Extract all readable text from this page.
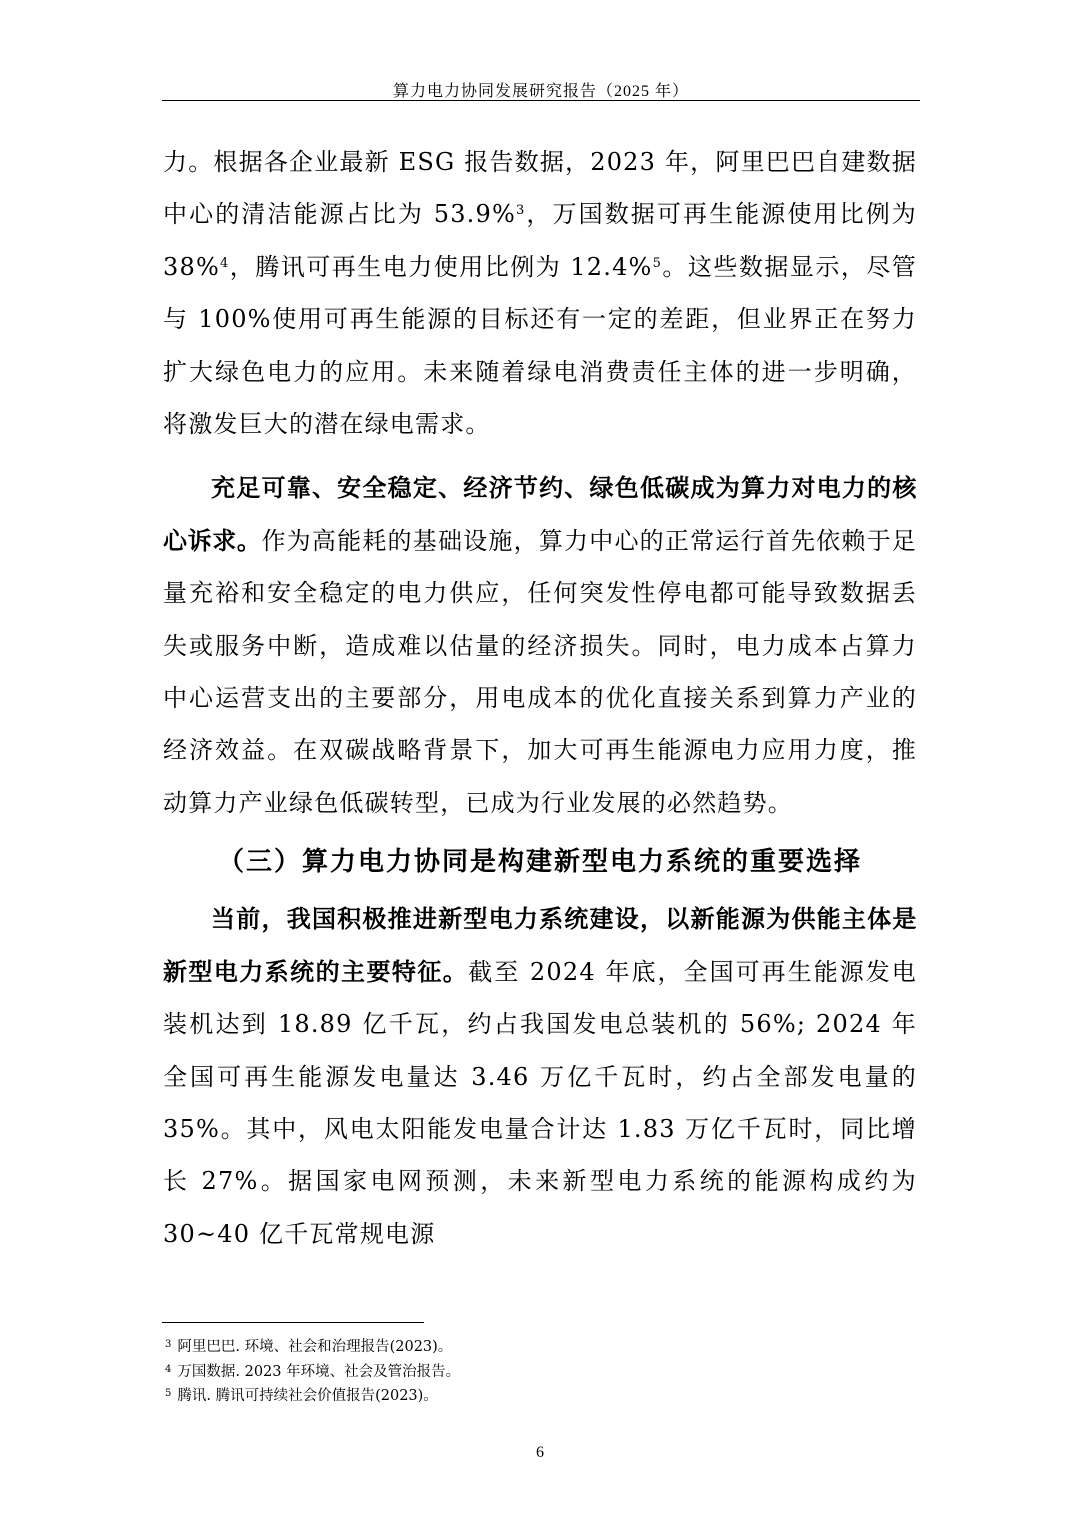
算力电力协同发展研究报告（2025 年）

力。根据各企业最新 ESG 报告数据，2023 年，阿里巴巴自建数据中心的清洁能源占比为 53.9%$^3$，万国数据可再生能源使用比例为 38%$^4$，腾讯可再生电力使用比例为 12.4%$^5$。这些数据显示，尽管与 100%使用可再生能源的目标还有一定的差距，但业界正在努力扩大绿色电力的应用。未来随着绿电消费责任主体的进一步明确，将激发巨大的潜在绿电需求。

充足可靠、安全稳定、经济节约、绿色低碳成为算力对电力的核心诉求。作为高能耗的基础设施，算力中心的正常运行首先依赖于足量充裕和安全稳定的电力供应，任何突发性停电都可能导致数据丢失或服务中断，造成难以估量的经济损失。同时，电力成本占算力中心运营支出的主要部分，用电成本的优化直接关系到算力产业的经济效益。在双碳战略背景下，加大可再生能源电力应用力度，推动算力产业绿色低碳转型，已成为行业发展的必然趋势。

（三）算力电力协同是构建新型电力系统的重要选择

当前，我国积极推进新型电力系统建设，以新能源为供能主体是新型电力系统的主要特征。截至 2024 年底，全国可再生能源发电装机达到 18.89 亿千瓦，约占我国发电总装机的 56%; 2024 年全国可再生能源发电量达 3.46 万亿千瓦时，约占全部发电量的 35%。其中，风电太阳能发电量合计达 1.83 万亿千瓦时，同比增长 27%。据国家电网预测，未来新型电力系统的能源构成约为 30~40 亿千瓦常规电源

$^3$ 阿里巴巴. 环境、社会和治理报告(2023)。

$^4$ 万国数据. 2023 年环境、社会及管治报告。

$^5$ 腾讯. 腾讯可持续社会价值报告(2023)。

6
